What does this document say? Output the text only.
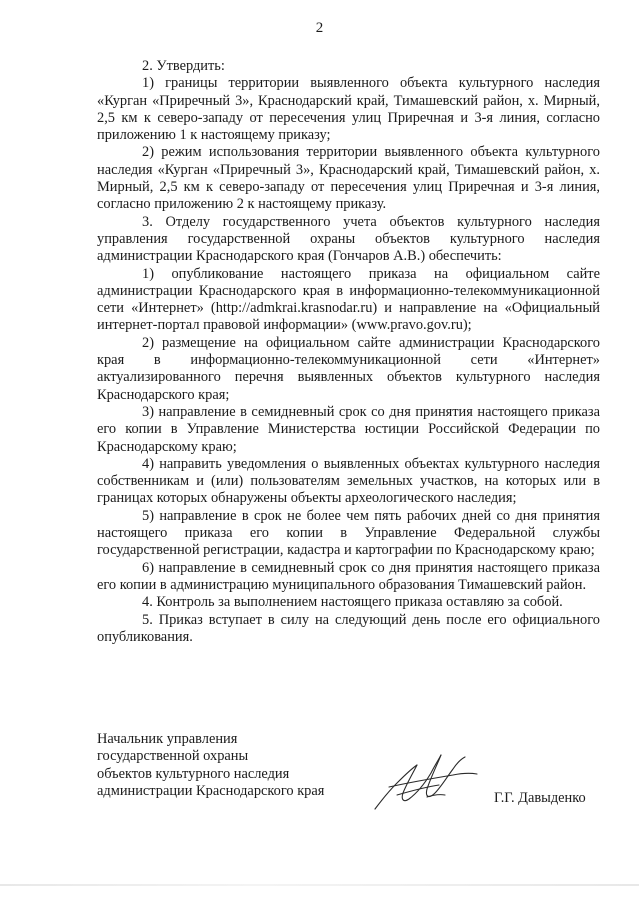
2

2. Утвердить:

1) границы территории выявленного объекта культурного наследия «Курган «Приречный 3», Краснодарский край, Тимашевский район, х. Мирный, 2,5 км к северо-западу от пересечения улиц Приречная и 3-я линия, согласно приложению 1 к настоящему приказу;

2) режим использования территории выявленного объекта культурного наследия «Курган «Приречный 3», Краснодарский край, Тимашевский район, х. Мирный, 2,5 км к северо-западу от пересечения улиц Приречная и 3-я линия, согласно приложению 2 к настоящему приказу.

3. Отделу государственного учета объектов культурного наследия управления государственной охраны объектов культурного наследия администрации Краснодарского края (Гончаров А.В.) обеспечить:

1) опубликование настоящего приказа на официальном сайте администрации Краснодарского края в информационно-телекоммуникационной сети «Интернет» (http://admkrai.krasnodar.ru) и направление на «Официальный интернет-портал правовой информации» (www.pravo.gov.ru);

2) размещение на официальном сайте администрации Краснодарского края в информационно-телекоммуникационной сети «Интернет» актуализированного перечня выявленных объектов культурного наследия Краснодарского края;

3) направление в семидневный срок со дня принятия настоящего приказа его копии в Управление Министерства юстиции Российской Федерации по Краснодарскому краю;

4) направить уведомления о выявленных объектах культурного наследия собственникам и (или) пользователям земельных участков, на которых или в границах которых обнаружены объекты археологического наследия;

5) направление в срок не более чем пять рабочих дней со дня принятия настоящего приказа его копии в Управление Федеральной службы государственной регистрации, кадастра и картографии по Краснодарскому краю;

6) направление в семидневный срок со дня принятия настоящего приказа его копии в администрацию муниципального образования Тимашевский район.

4. Контроль за выполнением настоящего приказа оставляю за собой.

5. Приказ вступает в силу на следующий день после его официального опубликования.

Начальник управления
государственной охраны
объектов культурного наследия
администрации Краснодарского края	Г.Г. Давыденко
